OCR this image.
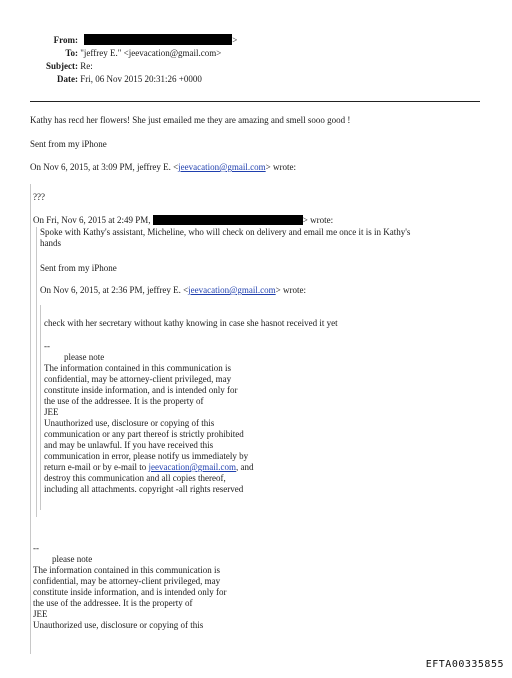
From:	>
To: "jeffrey E." <jeevacation@gmail.com>
Subject: Re:
Date: Fri, 06 Nov 2015 20:31:26 +0000
Kathy has recd her flowers! She just emailed me they are amazing and smell sooo good !
Sent from my iPhone
On Nov 6, 2015, at 3:09 PM, jeffrey E. <jeevacation@gmail.com> wrote:
???
On Fri, Nov 6, 2015 at 2:49 PM,	> wrote:
Spoke with Kathy's assistant, Micheline, who will check on delivery and email me once it is in Kathy's
hands
Sent from my iPhone
On Nov 6, 2015, at 2:36 PM, jeffrey E. <jeevacation@gmail.com> wrote:
check with her secretary without kathy knowing in case she hasnot received it yet
--
please note
The information contained in this communication is
confidential, may be attorney-client privileged, may
constitute inside information, and is intended only for
the use of the addressee. It is the property of
JEE
Unauthorized use, disclosure or copying of this
communication or any part thereof is strictly prohibited
and may be unlawful. If you have received this
communication in error, please notify us immediately by
return e-mail or by e-mail to jeevacation@gmail.com, and
destroy this communication and all copies thereof,
including all attachments. copyright -all rights reserved
--
please note
The information contained in this communication is
confidential, may be attorney-client privileged, may
constitute inside information, and is intended only for
the use of the addressee. It is the property of
JEE
Unauthorized use, disclosure or copying of this
EFTA00335855
